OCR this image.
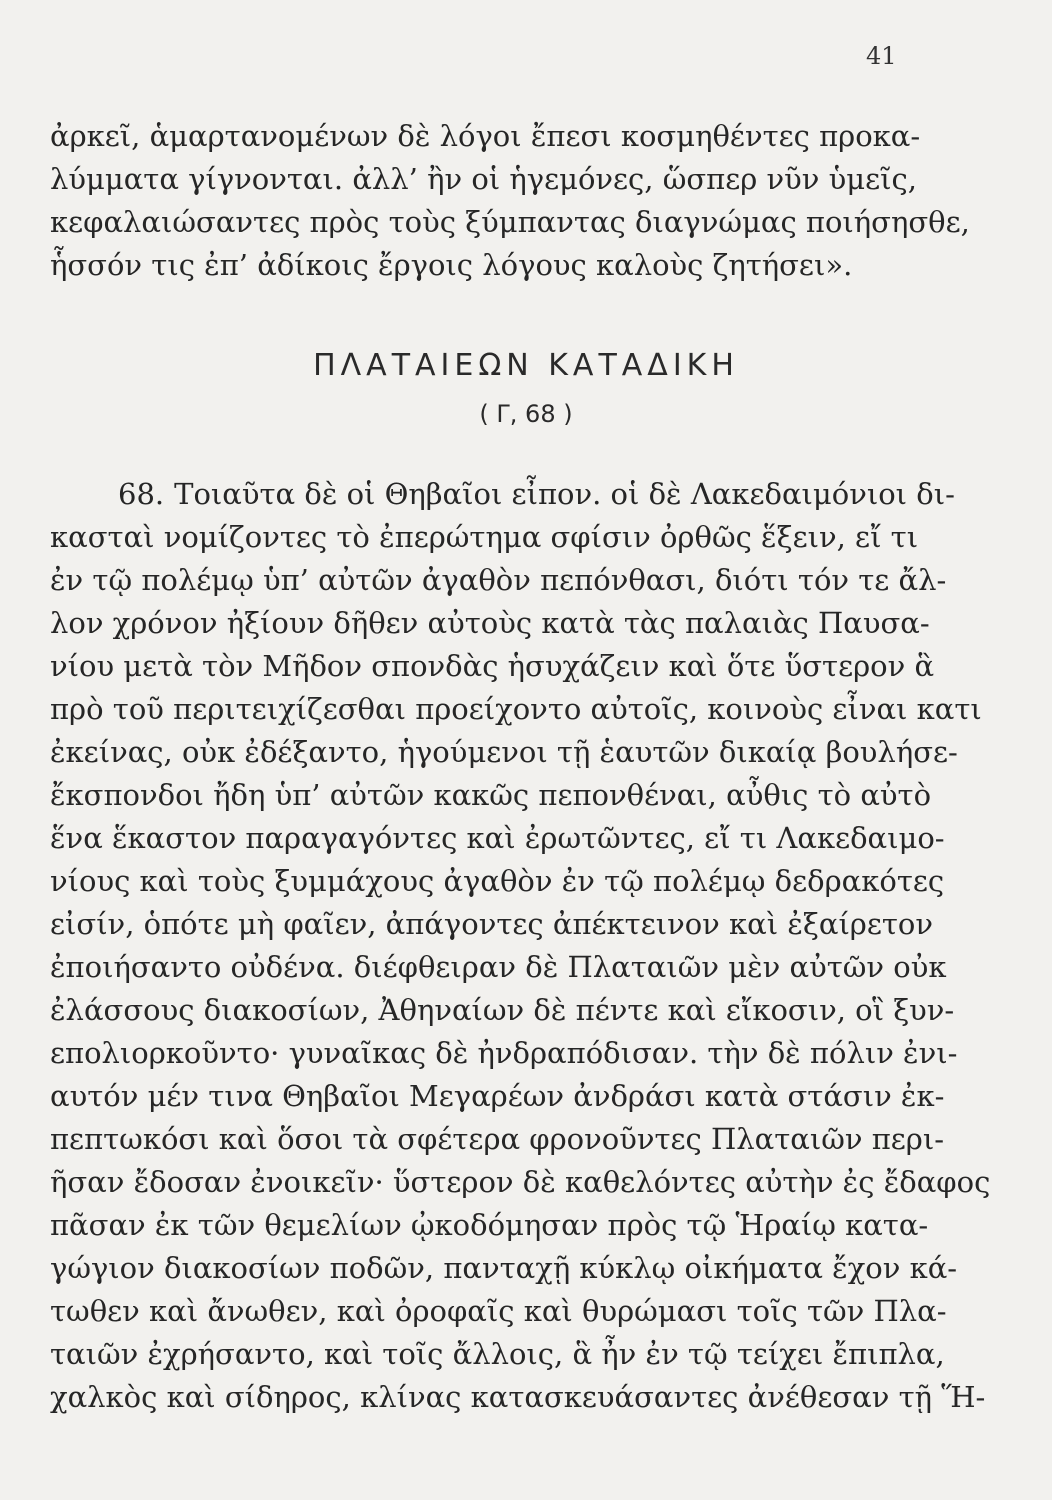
41
ἀρκεῖ, ἁμαρτανομένων δὲ λόγοι ἔπεσι κοσμηθέντες προκα-
λύμματα γίγνονται. ἀλλ’ ἢν οἱ ἡγεμόνες, ὥσπερ νῦν ὑμεῖς,
κεφαλαιώσαντες πρὸς τοὺς ξύμπαντας διαγνώμας ποιήσησθε,
ἧσσόν τις ἐπ’ ἀδίκοις ἔργοις λόγους καλοὺς ζητήσει».
ΠΛΑΤΑΙΕΩΝ ΚΑΤΑΔΙΚΗ
( Γ, 68 )
68. Τοιαῦτα δὲ οἱ Θηβαῖοι εἶπον. οἱ δὲ Λακεδαιμόνιοι δι-
κασταὶ νομίζοντες τὸ ἐπερώτημα σφίσιν ὀρθῶς ἕξειν, εἴ τι
ἐν τῷ πολέμῳ ὑπ’ αὐτῶν ἀγαθὸν πεπόνθασι, διότι τόν τε ἄλ-
λον χρόνον ἠξίουν δῆθεν αὐτοὺς κατὰ τὰς παλαιὰς Παυσα-
νίου μετὰ τὸν Μῆδον σπονδὰς ἡσυχάζειν καὶ ὅτε ὕστερον ἃ
πρὸ τοῦ περιτειχίζεσθαι προείχοντο αὐτοῖς, κοινοὺς εἶναι κατι
ἐκείνας, οὐκ ἐδέξαντο, ἡγούμενοι τῇ ἑαυτῶν δικαίᾳ βουλήσε-
ἔκσπονδοι ἤδη ὑπ’ αὐτῶν κακῶς πεπονθέναι, αὖθις τὸ αὐτὸ
ἕνα ἕκαστον παραγαγόντες καὶ ἐρωτῶντες, εἴ τι Λακεδαιμο-
νίους καὶ τοὺς ξυμμάχους ἀγαθὸν ἐν τῷ πολέμῳ δεδρακότες
εἰσίν, ὁπότε μὴ φαῖεν, ἀπάγοντες ἀπέκτεινον καὶ ἐξαίρετον
ἐποιήσαντο οὐδένα. διέφθειραν δὲ Πλαταιῶν μὲν αὐτῶν οὐκ
ἐλάσσους διακοσίων, Ἀθηναίων δὲ πέντε καὶ εἴκοσιν, οἳ ξυν-
επολιορκοῦντο· γυναῖκας δὲ ἠνδραπόδισαν. τὴν δὲ πόλιν ἐνι-
αυτόν μέν τινα Θηβαῖοι Μεγαρέων ἀνδράσι κατὰ στάσιν ἐκ-
πεπτωκόσι καὶ ὅσοι τὰ σφέτερα φρονοῦντες Πλαταιῶν περι-
ῆσαν ἔδοσαν ἐνοικεῖν· ὕστερον δὲ καθελόντες αὐτὴν ἐς ἔδαφος
πᾶσαν ἐκ τῶν θεμελίων ᾠκοδόμησαν πρὸς τῷ Ἡραίῳ κατα-
γώγιον διακοσίων ποδῶν, πανταχῇ κύκλῳ οἰκήματα ἔχον κά-
τωθεν καὶ ἄνωθεν, καὶ ὀροφαῖς καὶ θυρώμασι τοῖς τῶν Πλα-
ταιῶν ἐχρήσαντο, καὶ τοῖς ἄλλοις, ἃ ἦν ἐν τῷ τείχει ἔπιπλα,
χαλκὸς καὶ σίδηρος, κλίνας κατασκευάσαντες ἀνέθεσαν τῇ Ἥ-
